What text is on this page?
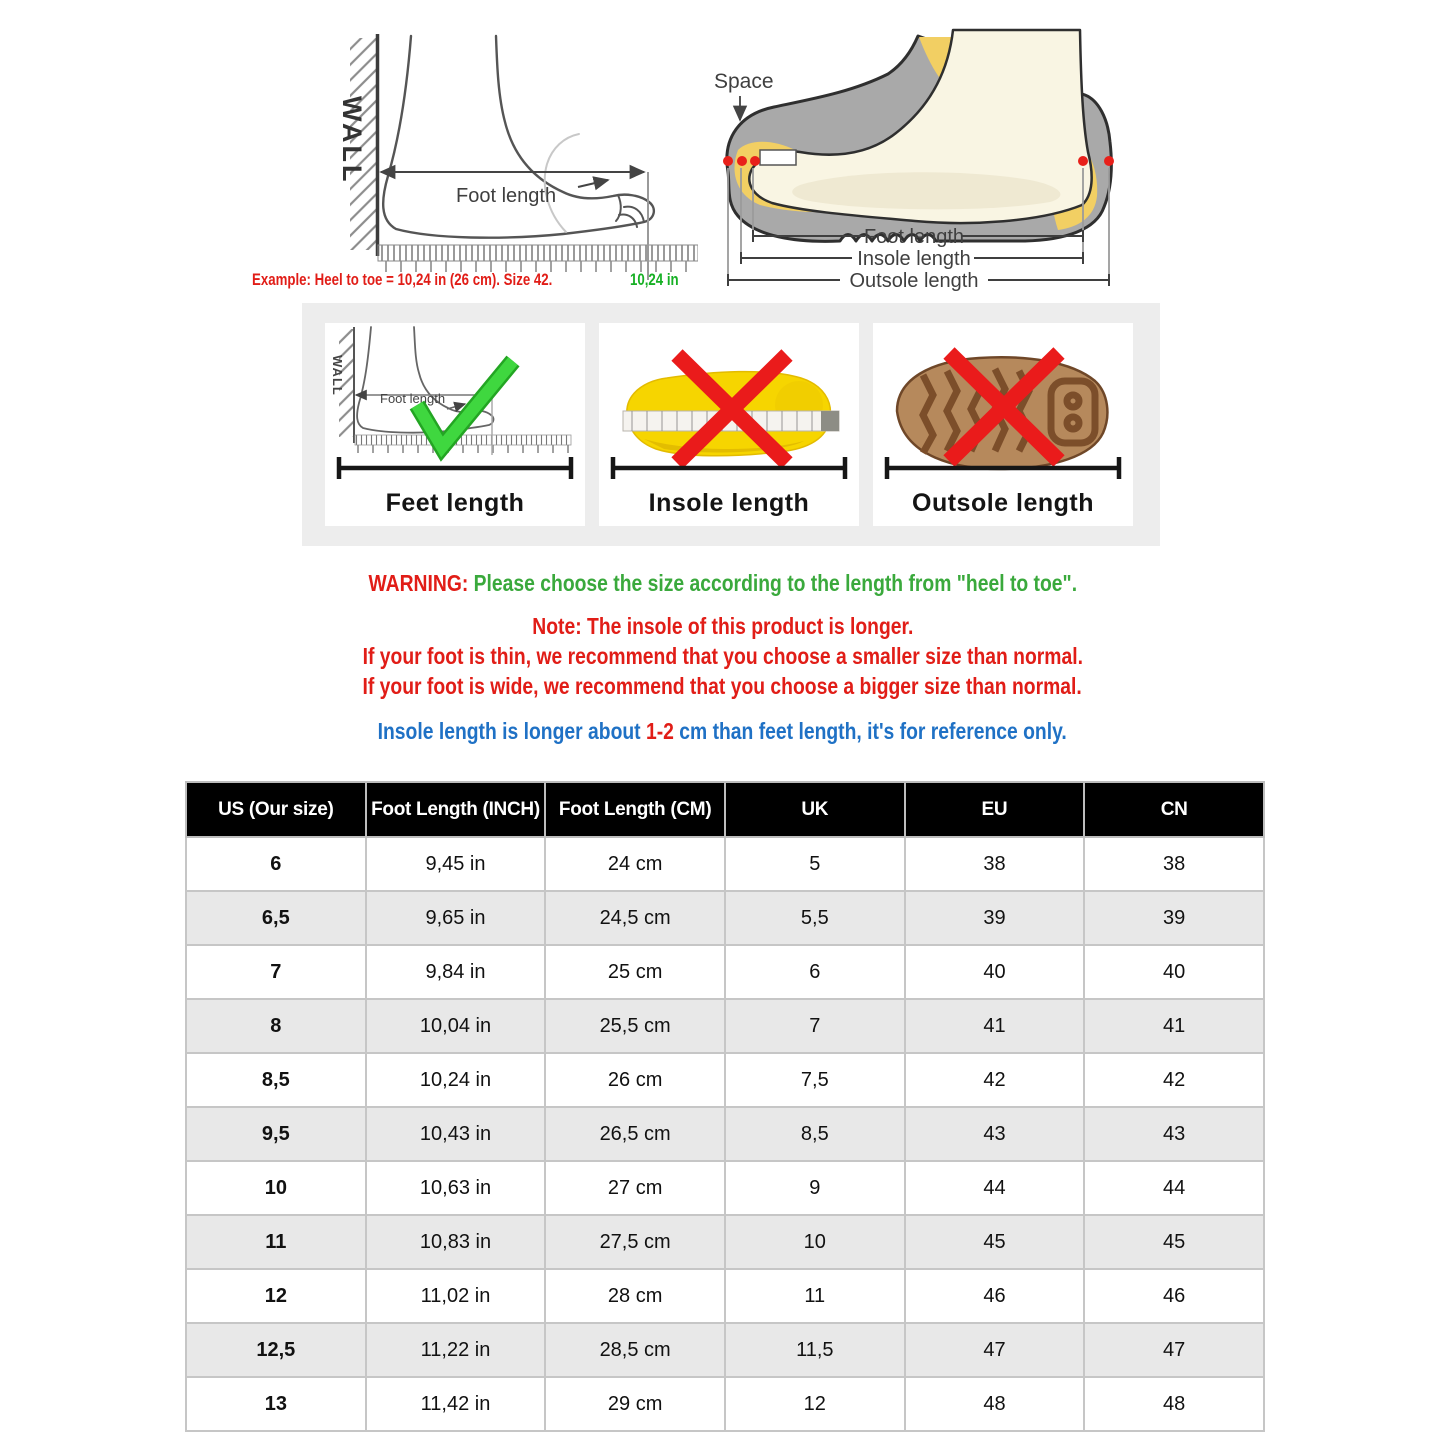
WALL
Foot length
Example: Heel to toe = 10,24 in (26 cm). Size 42.	10,24 in
Space
Foot length
Insole length
Outsole length
WALL
Foot length
Feet length	Insole length	Outsole length
WARNING: Please choose the size according to the length from "heel to toe".
Note: The insole of this product is longer.
If your foot is thin, we recommend that you choose a smaller size than normal.
If your foot is wide, we recommend that you choose a bigger size than normal.
Insole length is longer about 1-2 cm than feet length, it's for reference only.
US (Our size)	Foot Length (INCH)	Foot Length (CM)	UK	EU	CN
6	9,45 in	24 cm	5	38	38
6,5	9,65 in	24,5 cm	5,5	39	39
7	9,84 in	25 cm	6	40	40
8	10,04 in	25,5 cm	7	41	41
8,5	10,24 in	26 cm	7,5	42	42
9,5	10,43 in	26,5 cm	8,5	43	43
10	10,63 in	27 cm	9	44	44
11	10,83 in	27,5 cm	10	45	45
12	11,02 in	28 cm	11	46	46
12,5	11,22 in	28,5 cm	11,5	47	47
13	11,42 in	29 cm	12	48	48
